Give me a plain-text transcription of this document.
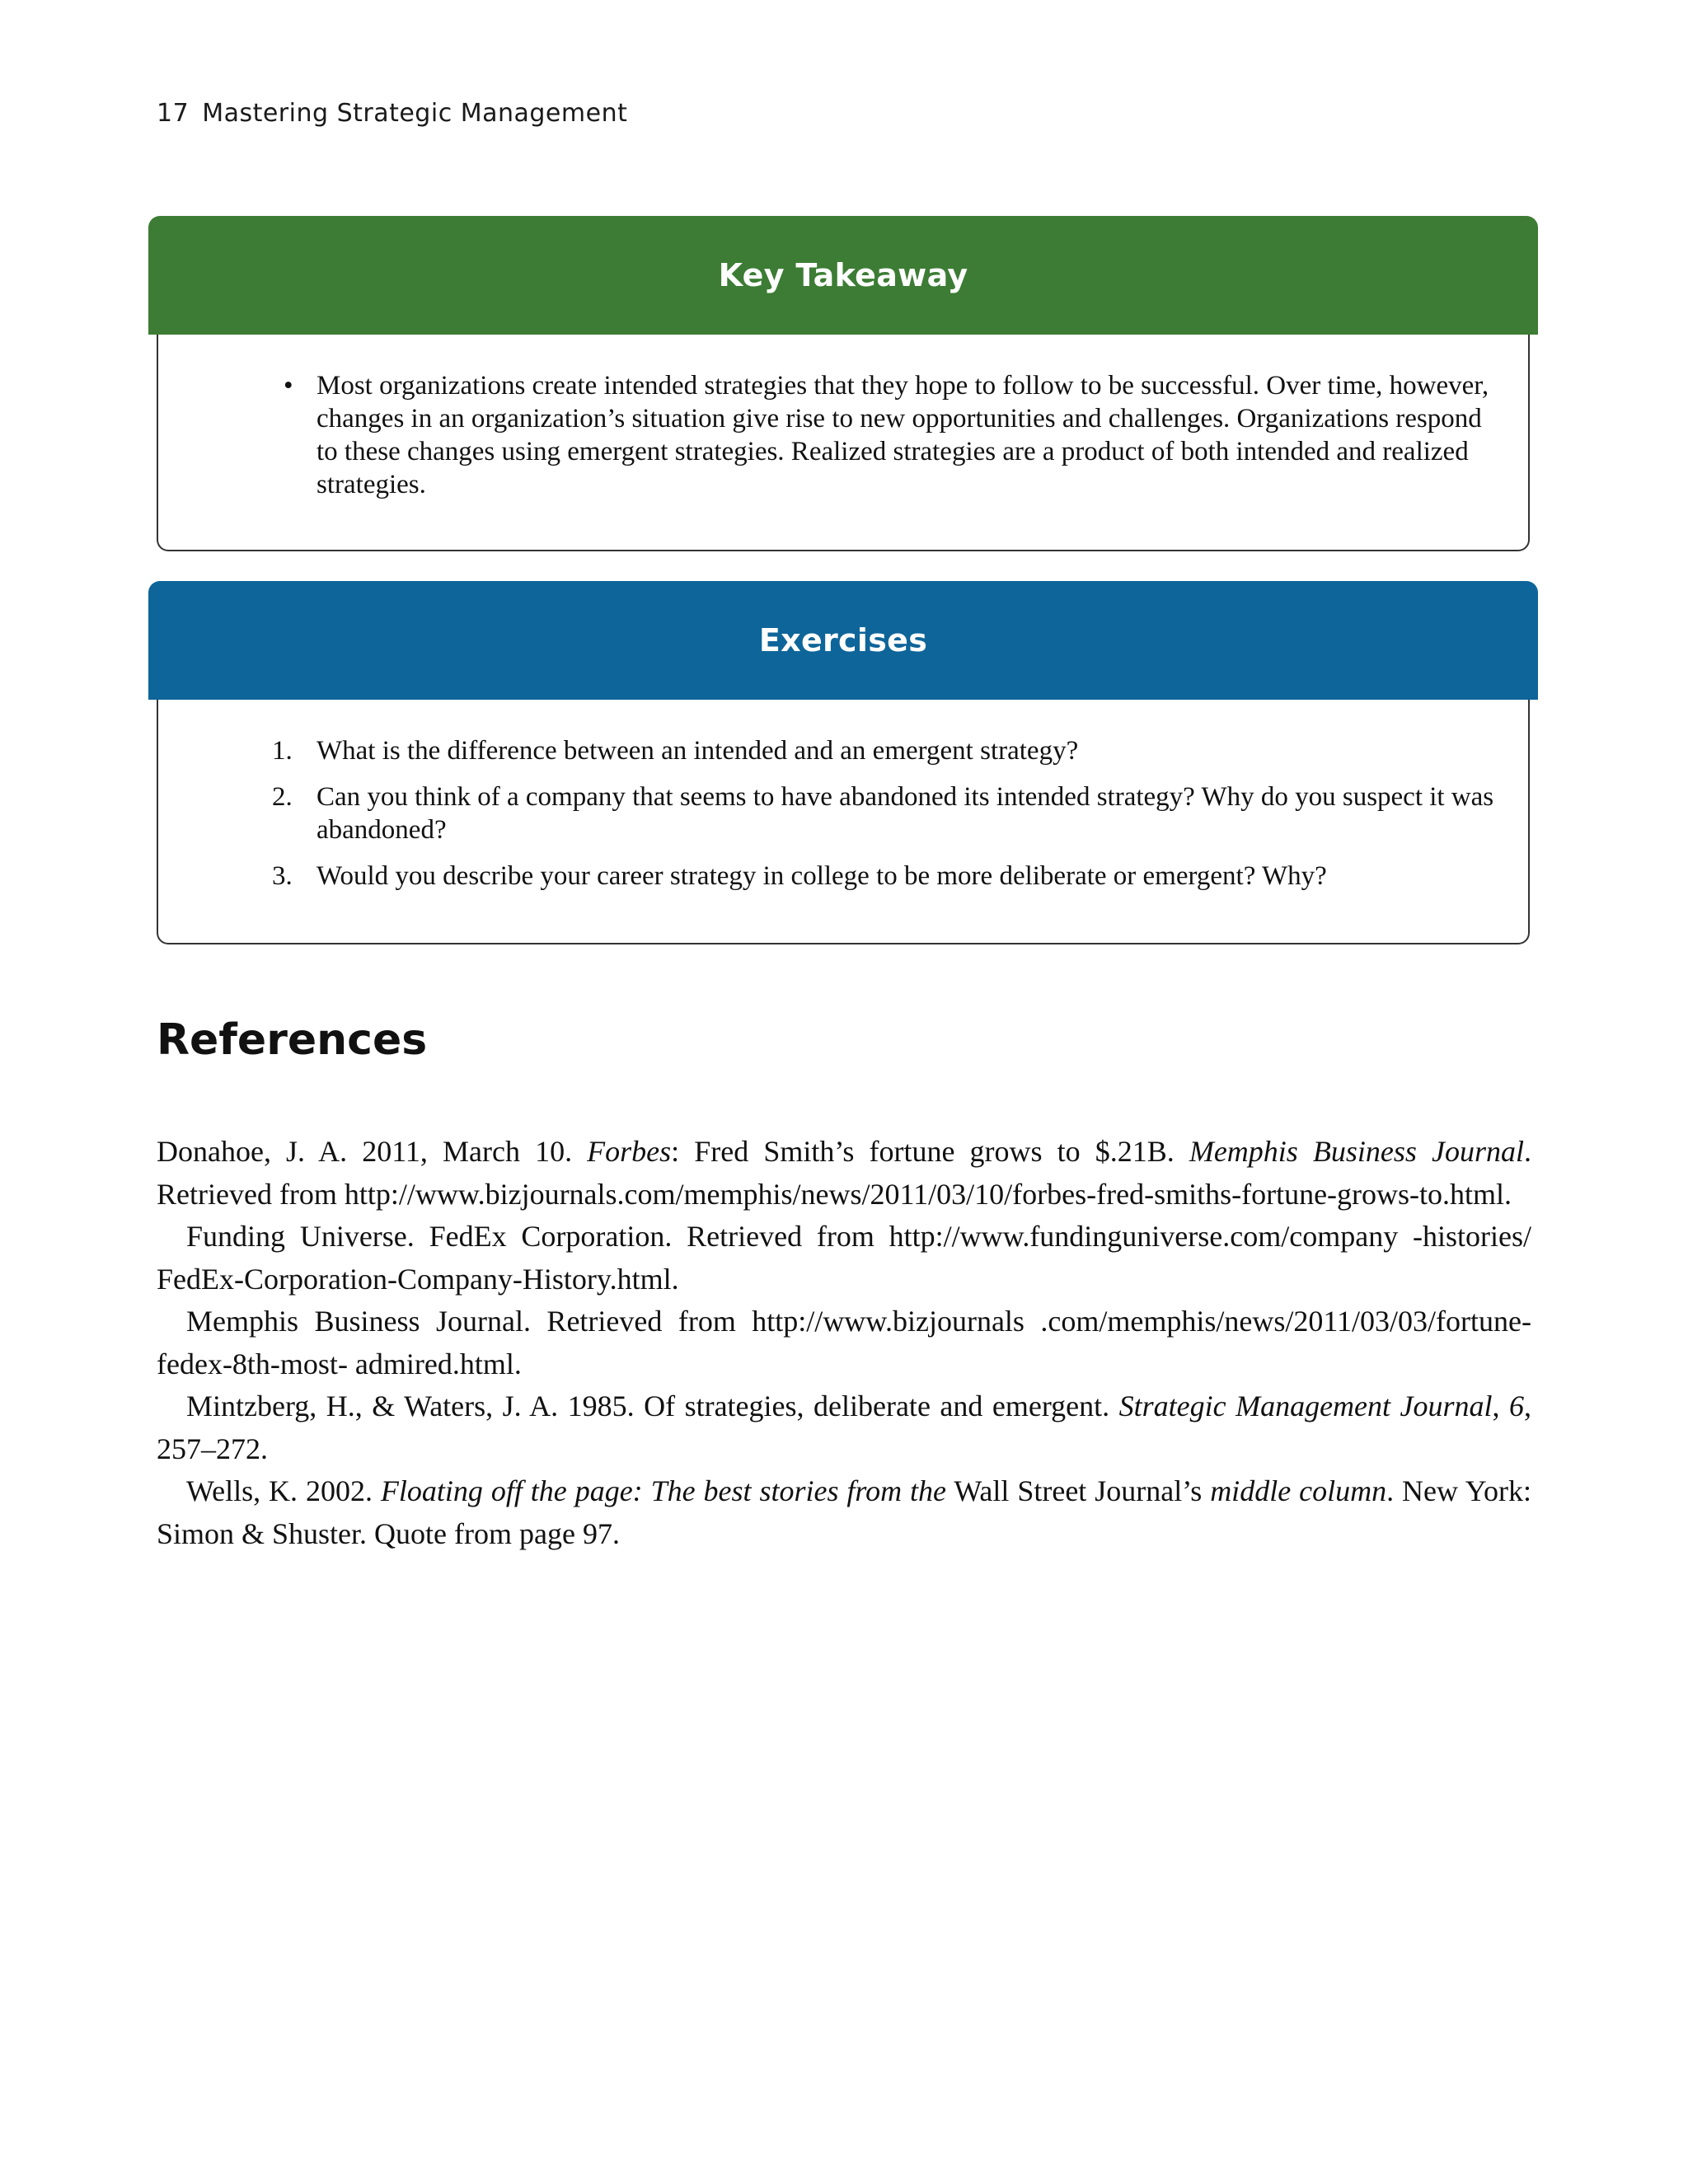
17 Mastering Strategic Management
Key Takeaway
• Most organizations create intended strategies that they hope to follow to be successful. Over time, however, changes in an organization’s situation give rise to new opportunities and challenges. Organizations respond to these changes using emergent strategies. Realized strategies are a product of both intended and realized strategies.
Exercises
1. What is the difference between an intended and an emergent strategy?
2. Can you think of a company that seems to have abandoned its intended strategy? Why do you suspect it was abandoned?
3. Would you describe your career strategy in college to be more deliberate or emergent? Why?
References

Donahoe, J. A. 2011, March 10. Forbes: Fred Smith’s fortune grows to $.21B. Memphis Business Journal. Retrieved from http://www.bizjournals.com/memphis/news/2011/03/10/forbes-fred-smiths-fortune-grows-to.html.

Funding Universe. FedEx Corporation. Retrieved from http://www.fundinguniverse.com/company -histories/ FedEx-Corporation-Company-History.html.

Memphis Business Journal. Retrieved from http://www.bizjournals .com/memphis/news/2011/03/03/fortune-fedex-8th-most- admired.html.

Mintzberg, H., & Waters, J. A. 1985. Of strategies, deliberate and emergent. Strategic Management Journal, 6, 257–272.

Wells, K. 2002. Floating off the page: The best stories from the Wall Street Journal’s middle column. New York: Simon & Shuster. Quote from page 97.
